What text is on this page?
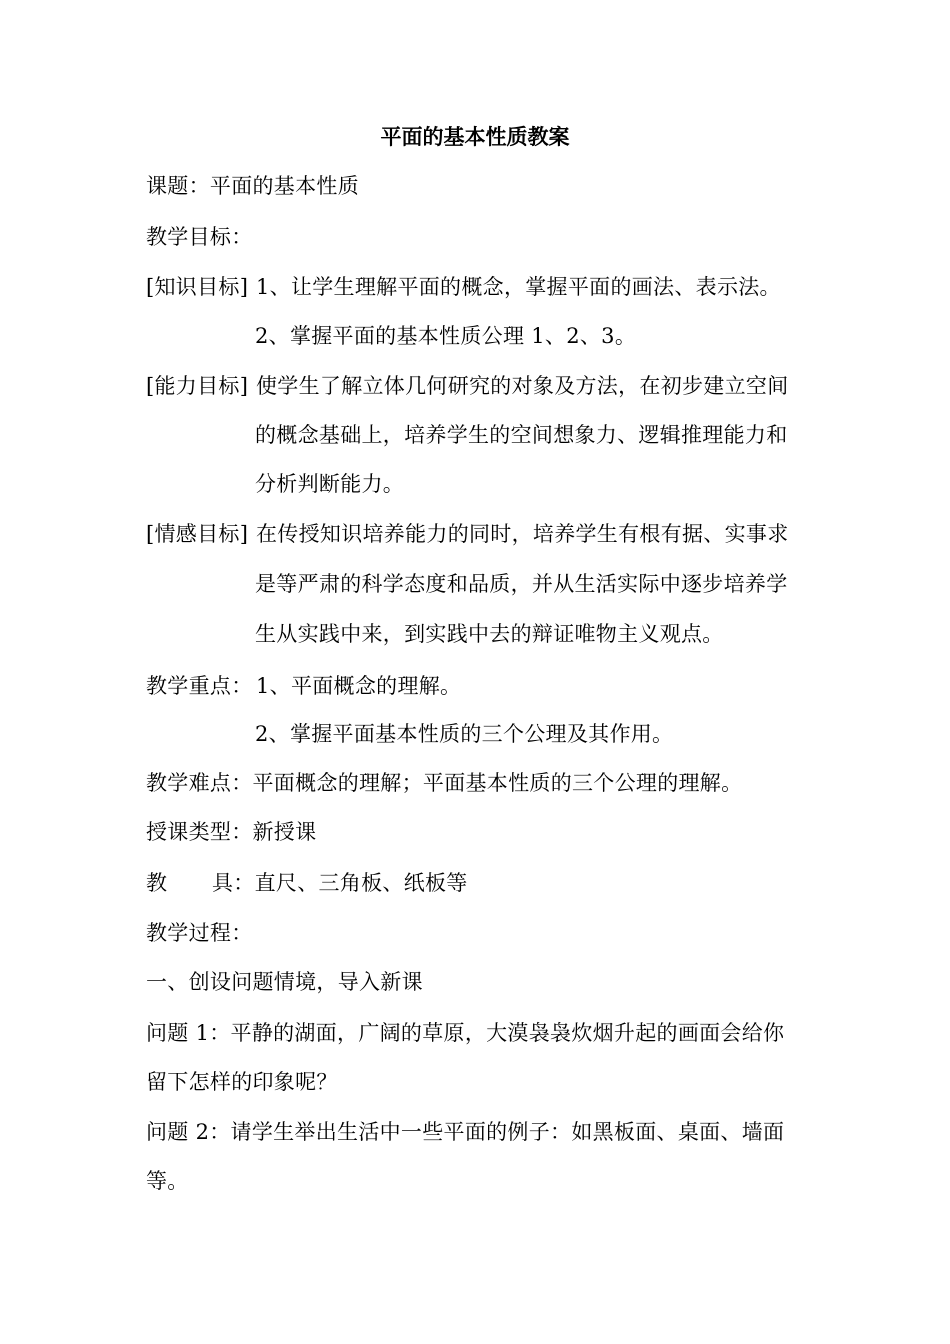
平面的基本性质教案
课题：平面的基本性质
教学目标：
[知识目标] 1、让学生理解平面的概念，掌握平面的画法、表示法。
2、掌握平面的基本性质公理 1、2、3。
[能力目标] 使学生了解立体几何研究的对象及方法，在初步建立空间
的概念基础上，培养学生的空间想象力、逻辑推理能力和
分析判断能力。
[情感目标] 在传授知识培养能力的同时，培养学生有根有据、实事求
是等严肃的科学态度和品质，并从生活实际中逐步培养学
生从实践中来，到实践中去的辩证唯物主义观点。
教学重点： 1、平面概念的理解。
2、掌握平面基本性质的三个公理及其作用。
教学难点：平面概念的理解；平面基本性质的三个公理的理解。
授课类型：新授课
教 具：直尺、三角板、纸板等
教学过程：
一、创设问题情境，导入新课
问题 1：平静的湖面，广阔的草原，大漠袅袅炊烟升起的画面会给你
留下怎样的印象呢？
问题 2：请学生举出生活中一些平面的例子：如黑板面、桌面、墙面
等。
